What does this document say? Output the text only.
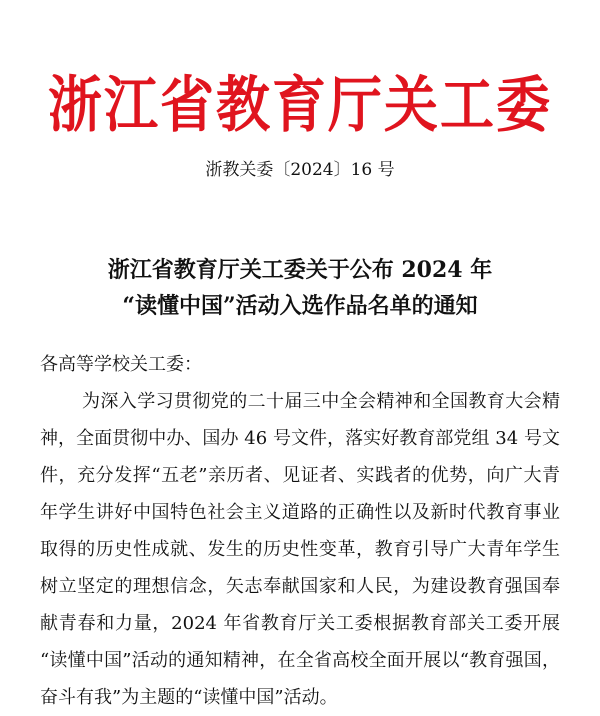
浙江省教育厅关工委
浙教关委〔2024〕16 号
浙江省教育厅关工委关于公布 2024 年
“读懂中国”活动入选作品名单的通知
各高等学校关工委：
为深入学习贯彻党的二十届三中全会精神和全国教育大会精
神，全面贯彻中办、国办 46 号文件，落实好教育部党组 34 号文
件，充分发挥“五老”亲历者、见证者、实践者的优势，向广大青
年学生讲好中国特色社会主义道路的正确性以及新时代教育事业
取得的历史性成就、发生的历史性变革，教育引导广大青年学生
树立坚定的理想信念，矢志奉献国家和人民，为建设教育强国奉
献青春和力量，2024 年省教育厅关工委根据教育部关工委开展
“读懂中国”活动的通知精神，在全省高校全面开展以“教育强国，
奋斗有我”为主题的“读懂中国”活动。
